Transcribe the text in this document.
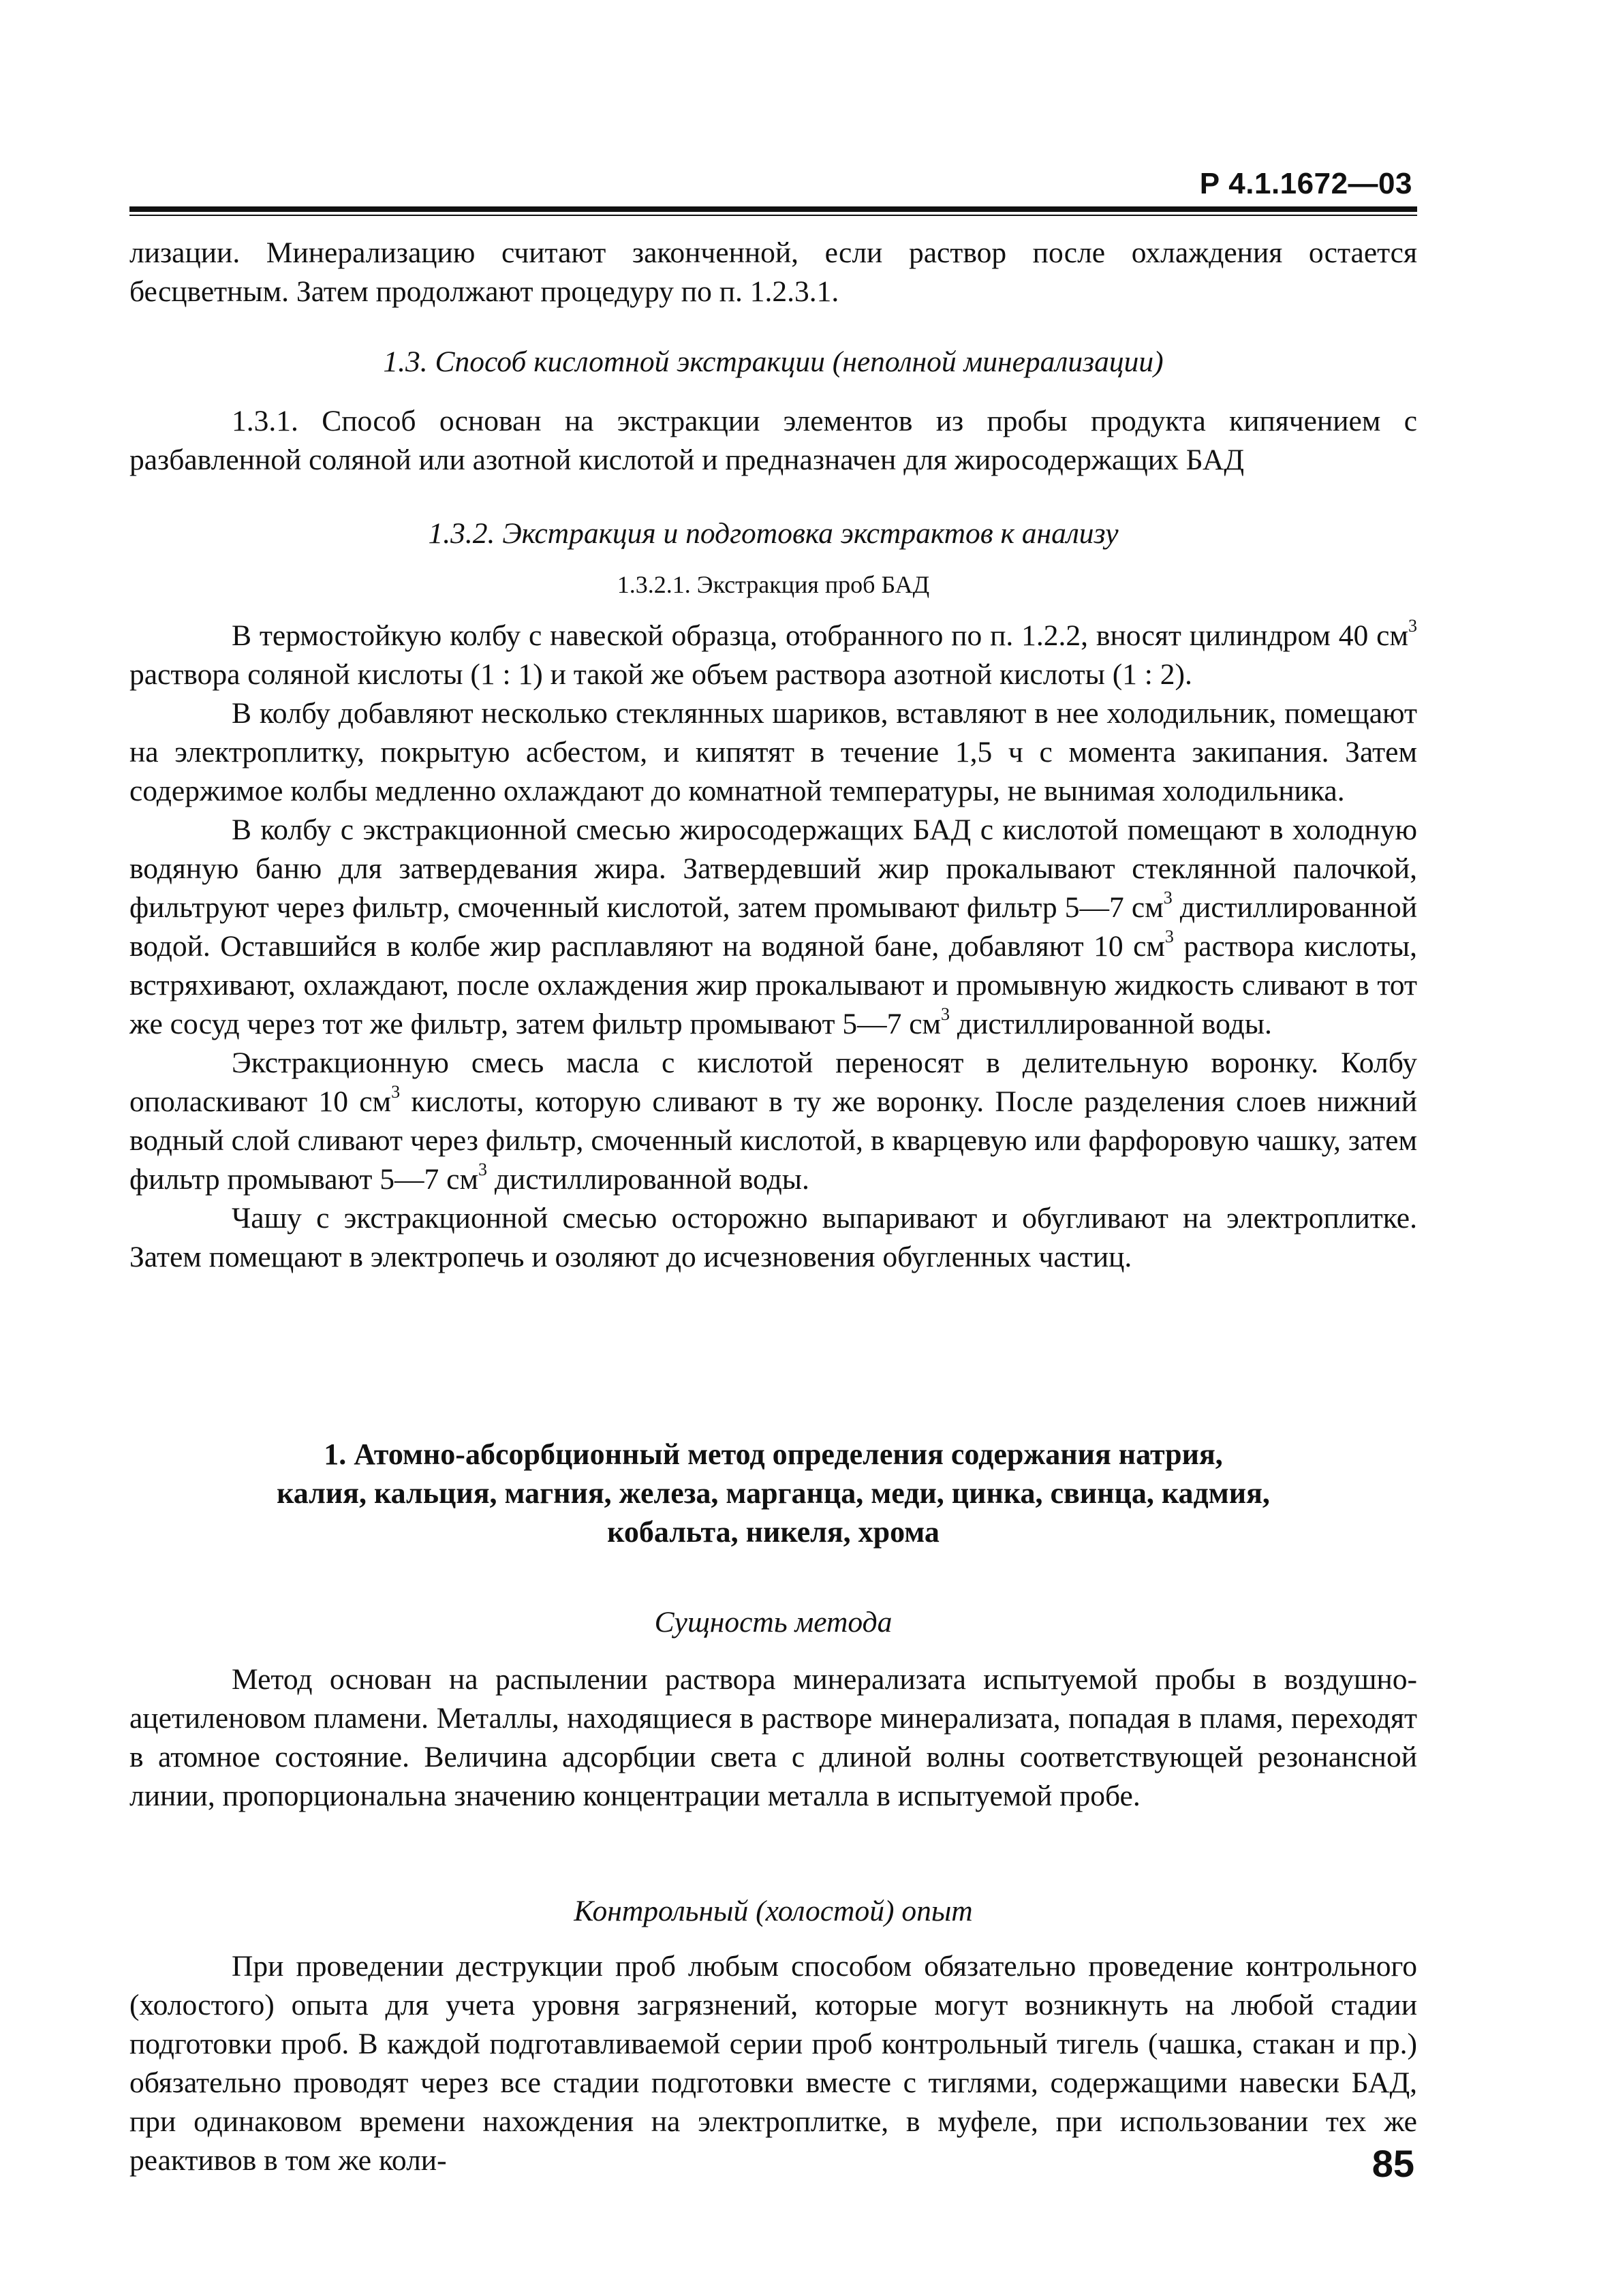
Р 4.1.1672—03

лизации. Минерализацию считают законченной, если раствор после охлаждения остается бесцветным. Затем продолжают процедуру по п. 1.2.3.1.

1.3. Способ кислотной экстракции (неполной минерализации)

1.3.1. Способ основан на экстракции элементов из пробы продукта кипячением с разбавленной соляной или азотной кислотой и предназначен для жиросодержащих БАД

1.3.2. Экстракция и подготовка экстрактов к анализу

1.3.2.1. Экстракция проб БАД

В термостойкую колбу с навеской образца, отобранного по п. 1.2.2, вносят цилиндром 40 $см^3$ раствора соляной кислоты (1 : 1) и такой же объем раствора азотной кислоты (1 : 2).

В колбу добавляют несколько стеклянных шариков, вставляют в нее холодильник, помещают на электроплитку, покрытую асбестом, и кипятят в течение 1,5 ч с момента закипания. Затем содержимое колбы медленно охлаждают до комнатной температуры, не вынимая холодильника.

В колбу с экстракционной смесью жиросодержащих БАД с кислотой помещают в холодную водяную баню для затвердевания жира. Затвердевший жир прокалывают стеклянной палочкой, фильтруют через фильтр, смоченный кислотой, затем промывают фильтр 5—7 $см^3$ дистиллированной водой. Оставшийся в колбе жир расплавляют на водяной бане, добавляют 10 $см^3$ раствора кислоты, встряхивают, охлаждают, после охлаждения жир прокалывают и промывную жидкость сливают в тот же сосуд через тот же фильтр, затем фильтр промывают 5—7 $см^3$ дистиллированной воды.

Экстракционную смесь масла с кислотой переносят в делительную воронку. Колбу ополаскивают 10 $см^3$ кислоты, которую сливают в ту же воронку. После разделения слоев нижний водный слой сливают через фильтр, смоченный кислотой, в кварцевую или фарфоровую чашку, затем фильтр промывают 5—7 $см^3$ дистиллированной воды.

Чашу с экстракционной смесью осторожно выпаривают и обугливают на электроплитке. Затем помещают в электропечь и озоляют до исчезновения обугленных частиц.

1. Атомно-абсорбционный метод определения содержания натрия,

калия, кальция, магния, железа, марганца, меди, цинка, свинца, кадмия,

кобальта, никеля, хрома

Сущность метода

Метод основан на распылении раствора минерализата испытуемой пробы в воздушно-ацетиленовом пламени. Металлы, находящиеся в растворе минерализата, попадая в пламя, переходят в атомное состояние. Величина адсорбции света с длиной волны соответствующей резонансной линии, пропорциональна значению концентрации металла в испытуемой пробе.

Контрольный (холостой) опыт

При проведении деструкции проб любым способом обязательно проведение контрольного (холостого) опыта для учета уровня загрязнений, которые могут возникнуть на любой стадии подготовки проб. В каждой подготавливаемой серии проб контрольный тигель (чашка, стакан и пр.) обязательно проводят через все стадии подготовки вместе с тиглями, содержащими навески БАД, при одинаковом времени нахождения на электроплитке, в муфеле, при использовании тех же реактивов в том же коли-	85
